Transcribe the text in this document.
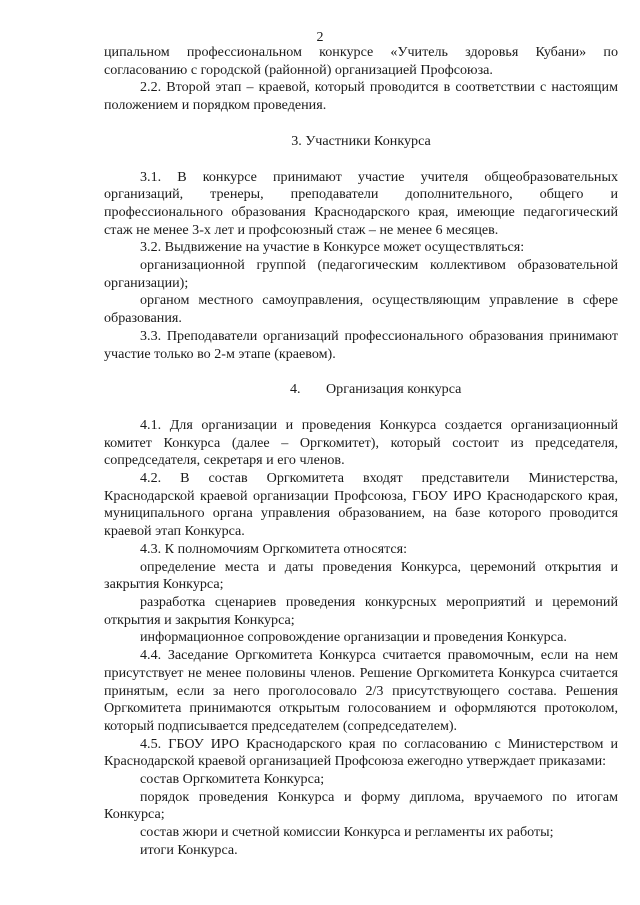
2

ципальном профессиональном конкурсе «Учитель здоровья Кубани» по согласованию с городской (районной) организацией Профсоюза.

2.2. Второй этап – краевой, который проводится в соответствии с настоящим положением и порядком проведения.

3. Участники Конкурса

3.1. В конкурсе принимают участие учителя общеобразовательных организаций, тренеры, преподаватели дополнительного, общего и профессионального образования Краснодарского края, имеющие педагогический стаж не менее 3-х лет и профсоюзный стаж – не менее 6 месяцев.

3.2. Выдвижение на участие в Конкурсе может осуществляться:

организационной группой (педагогическим коллективом образовательной организации);

органом местного самоуправления, осуществляющим управление в сфере образования.

3.3. Преподаватели организаций профессионального образования принимают участие только во 2-м этапе (краевом).

4. Организация конкурса

4.1. Для организации и проведения Конкурса создается организационный комитет Конкурса (далее – Оргкомитет), который состоит из председателя, сопредседателя, секретаря и его членов.

4.2. В состав Оргкомитета входят представители Министерства, Краснодарской краевой организации Профсоюза, ГБОУ ИРО Краснодарского края, муниципального органа управления образованием, на базе которого проводится краевой этап Конкурса.

4.3. К полномочиям Оргкомитета относятся:

определение места и даты проведения Конкурса, церемоний открытия и закрытия Конкурса;

разработка сценариев проведения конкурсных мероприятий и церемоний открытия и закрытия Конкурса;

информационное сопровождение организации и проведения Конкурса.

4.4. Заседание Оргкомитета Конкурса считается правомочным, если на нем присутствует не менее половины членов. Решение Оргкомитета Конкурса считается принятым, если за него проголосовало 2/3 присутствующего состава. Решения Оргкомитета принимаются открытым голосованием и оформляются протоколом, который подписывается председателем (сопредседателем).

4.5. ГБОУ ИРО Краснодарского края по согласованию с Министерством и Краснодарской краевой организацией Профсоюза ежегодно утверждает приказами:

состав Оргкомитета Конкурса;

порядок проведения Конкурса и форму диплома, вручаемого по итогам Конкурса;

состав жюри и счетной комиссии Конкурса и регламенты их работы;

итоги Конкурса.
